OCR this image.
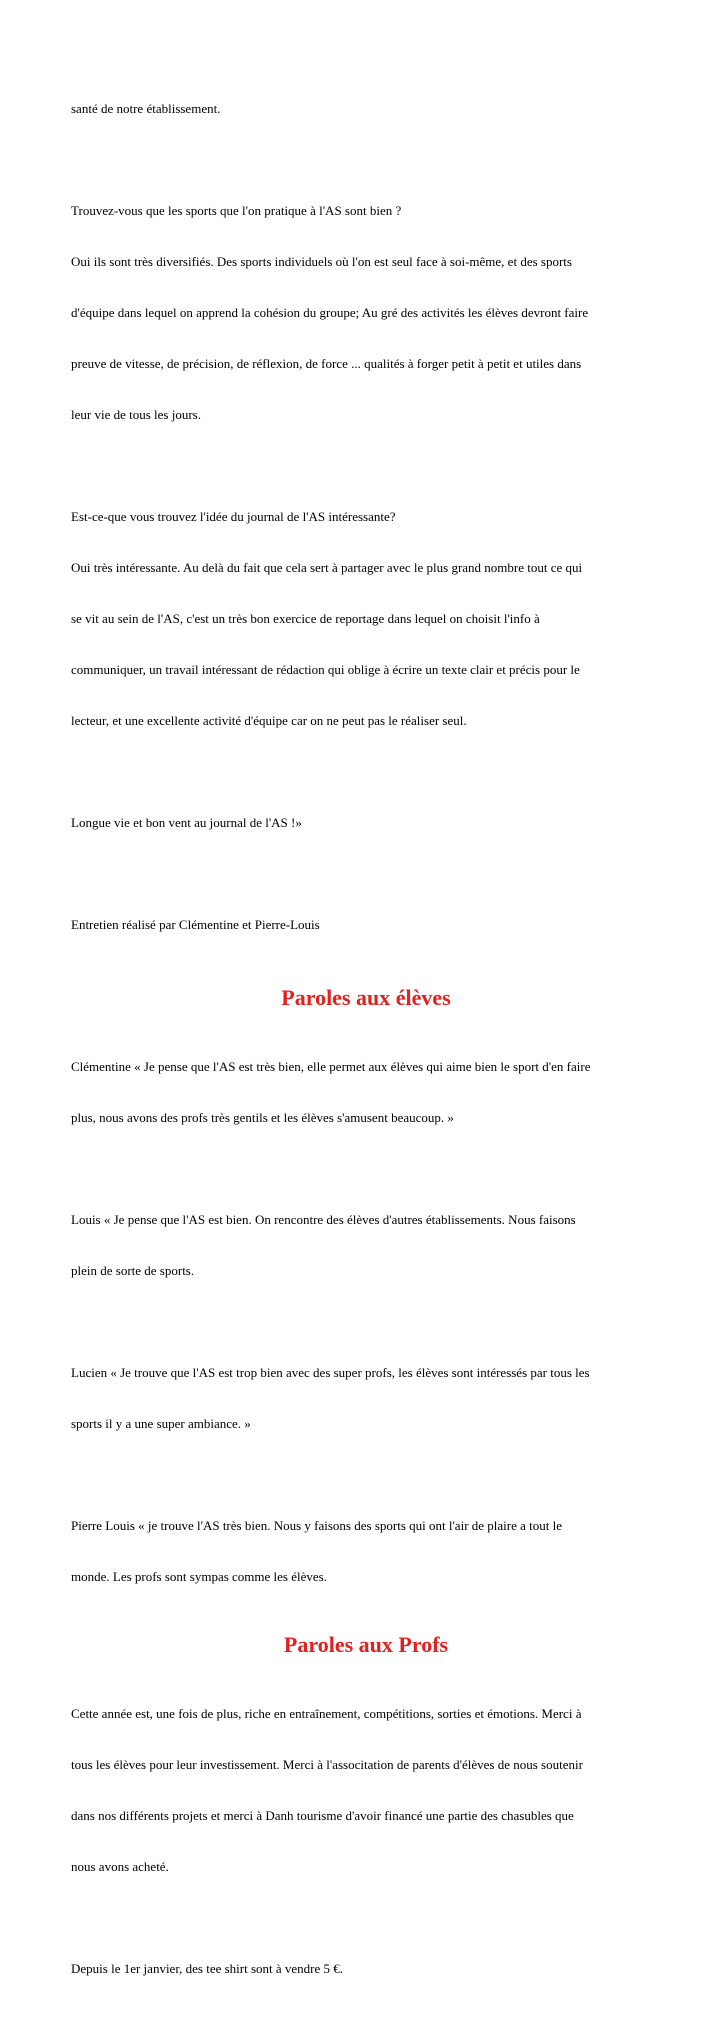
santé de notre établissement.

Trouvez-vous que les sports que l'on pratique à l'AS sont bien ?

Oui ils sont très diversifiés. Des sports individuels où l'on est seul face à soi-même, et des sports

d'équipe dans lequel on apprend la cohésion du groupe; Au gré des activités les élèves devront faire

preuve de vitesse, de précision, de réflexion, de force ... qualités à forger petit à petit et utiles dans

leur vie de tous les jours.

Est-ce-que vous trouvez l'idée du journal de l'AS intéressante?

Oui très intéressante. Au delà du fait que cela sert à partager avec le plus grand nombre tout ce qui

se vit au sein de l'AS, c'est un très bon exercice de reportage dans lequel on choisit l'info à

communiquer, un travail intéressant de rédaction qui oblige à écrire un texte clair et précis pour le

lecteur, et une excellente activité d'équipe car on ne peut pas le réaliser seul.

Longue vie et bon vent au journal de l'AS !»

Entretien réalisé par Clémentine et Pierre-Louis

Paroles aux élèves

Clémentine « Je pense que l'AS est très bien, elle permet aux élèves qui aime bien le sport d'en faire

plus, nous avons des profs très gentils et les élèves s'amusent beaucoup. »

Louis « Je pense que l'AS est bien. On rencontre des élèves d'autres établissements. Nous faisons

plein de sorte de sports.

Lucien « Je trouve que l'AS est trop bien avec des super profs, les élèves sont intéressés par tous les

sports il y a une super ambiance. »

Pierre Louis « je trouve l'AS très bien. Nous y faisons des sports qui ont l'air de plaire a tout le

monde. Les profs sont sympas comme les élèves.

Paroles aux Profs

Cette année est, une fois de plus, riche en entraînement, compétitions, sorties et émotions. Merci à

tous les élèves pour leur investissement. Merci à l'associtation de parents d'élèves de nous soutenir

dans nos différents projets et merci à Danh tourisme d'avoir financé une partie des chasubles que

nous avons acheté.

Depuis le 1er janvier, des tee shirt sont à vendre 5 €.
